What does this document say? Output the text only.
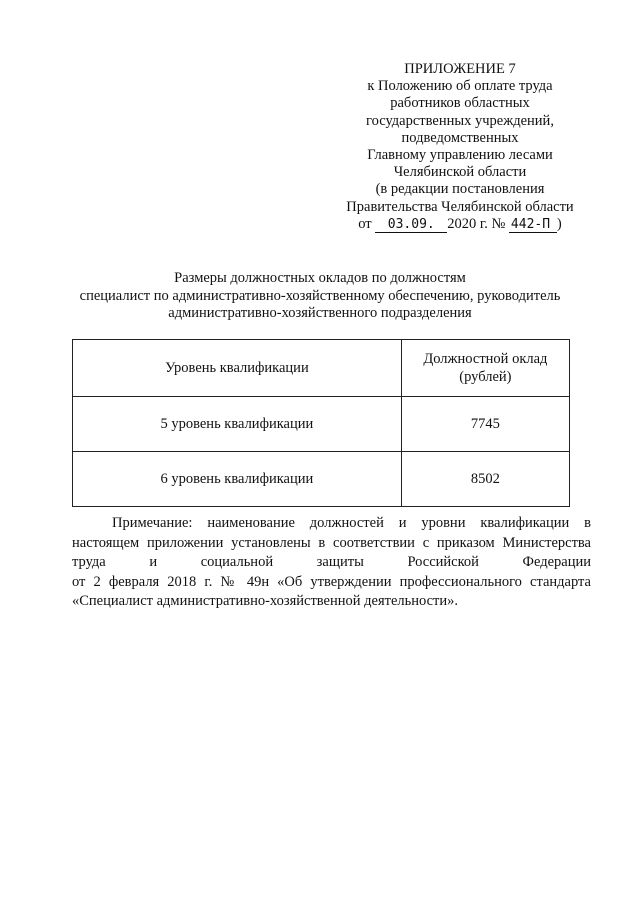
ПРИЛОЖЕНИЕ 7
к Положению об оплате труда
работников областных
государственных учреждений,
подведомственных
Главному управлению лесами
Челябинской области
(в редакции постановления
Правительства Челябинской области
от 03.09. 2020 г. № 442-П )
Размеры должностных окладов по должностям
специалист по административно-хозяйственному обеспечению, руководитель
административно-хозяйственного подразделения
Уровень квалификации	Должностной оклад
(рублей)
5 уровень квалификации	7745
6 уровень квалификации	8502
Примечание: наименование должностей и уровни квалификации в
настоящем приложении установлены в соответствии с приказом Министерства
труда и социальной защиты Российской Федерации
от 2 февраля 2018 г. № 49н «Об утверждении профессионального стандарта
«Специалист административно-хозяйственной деятельности».
